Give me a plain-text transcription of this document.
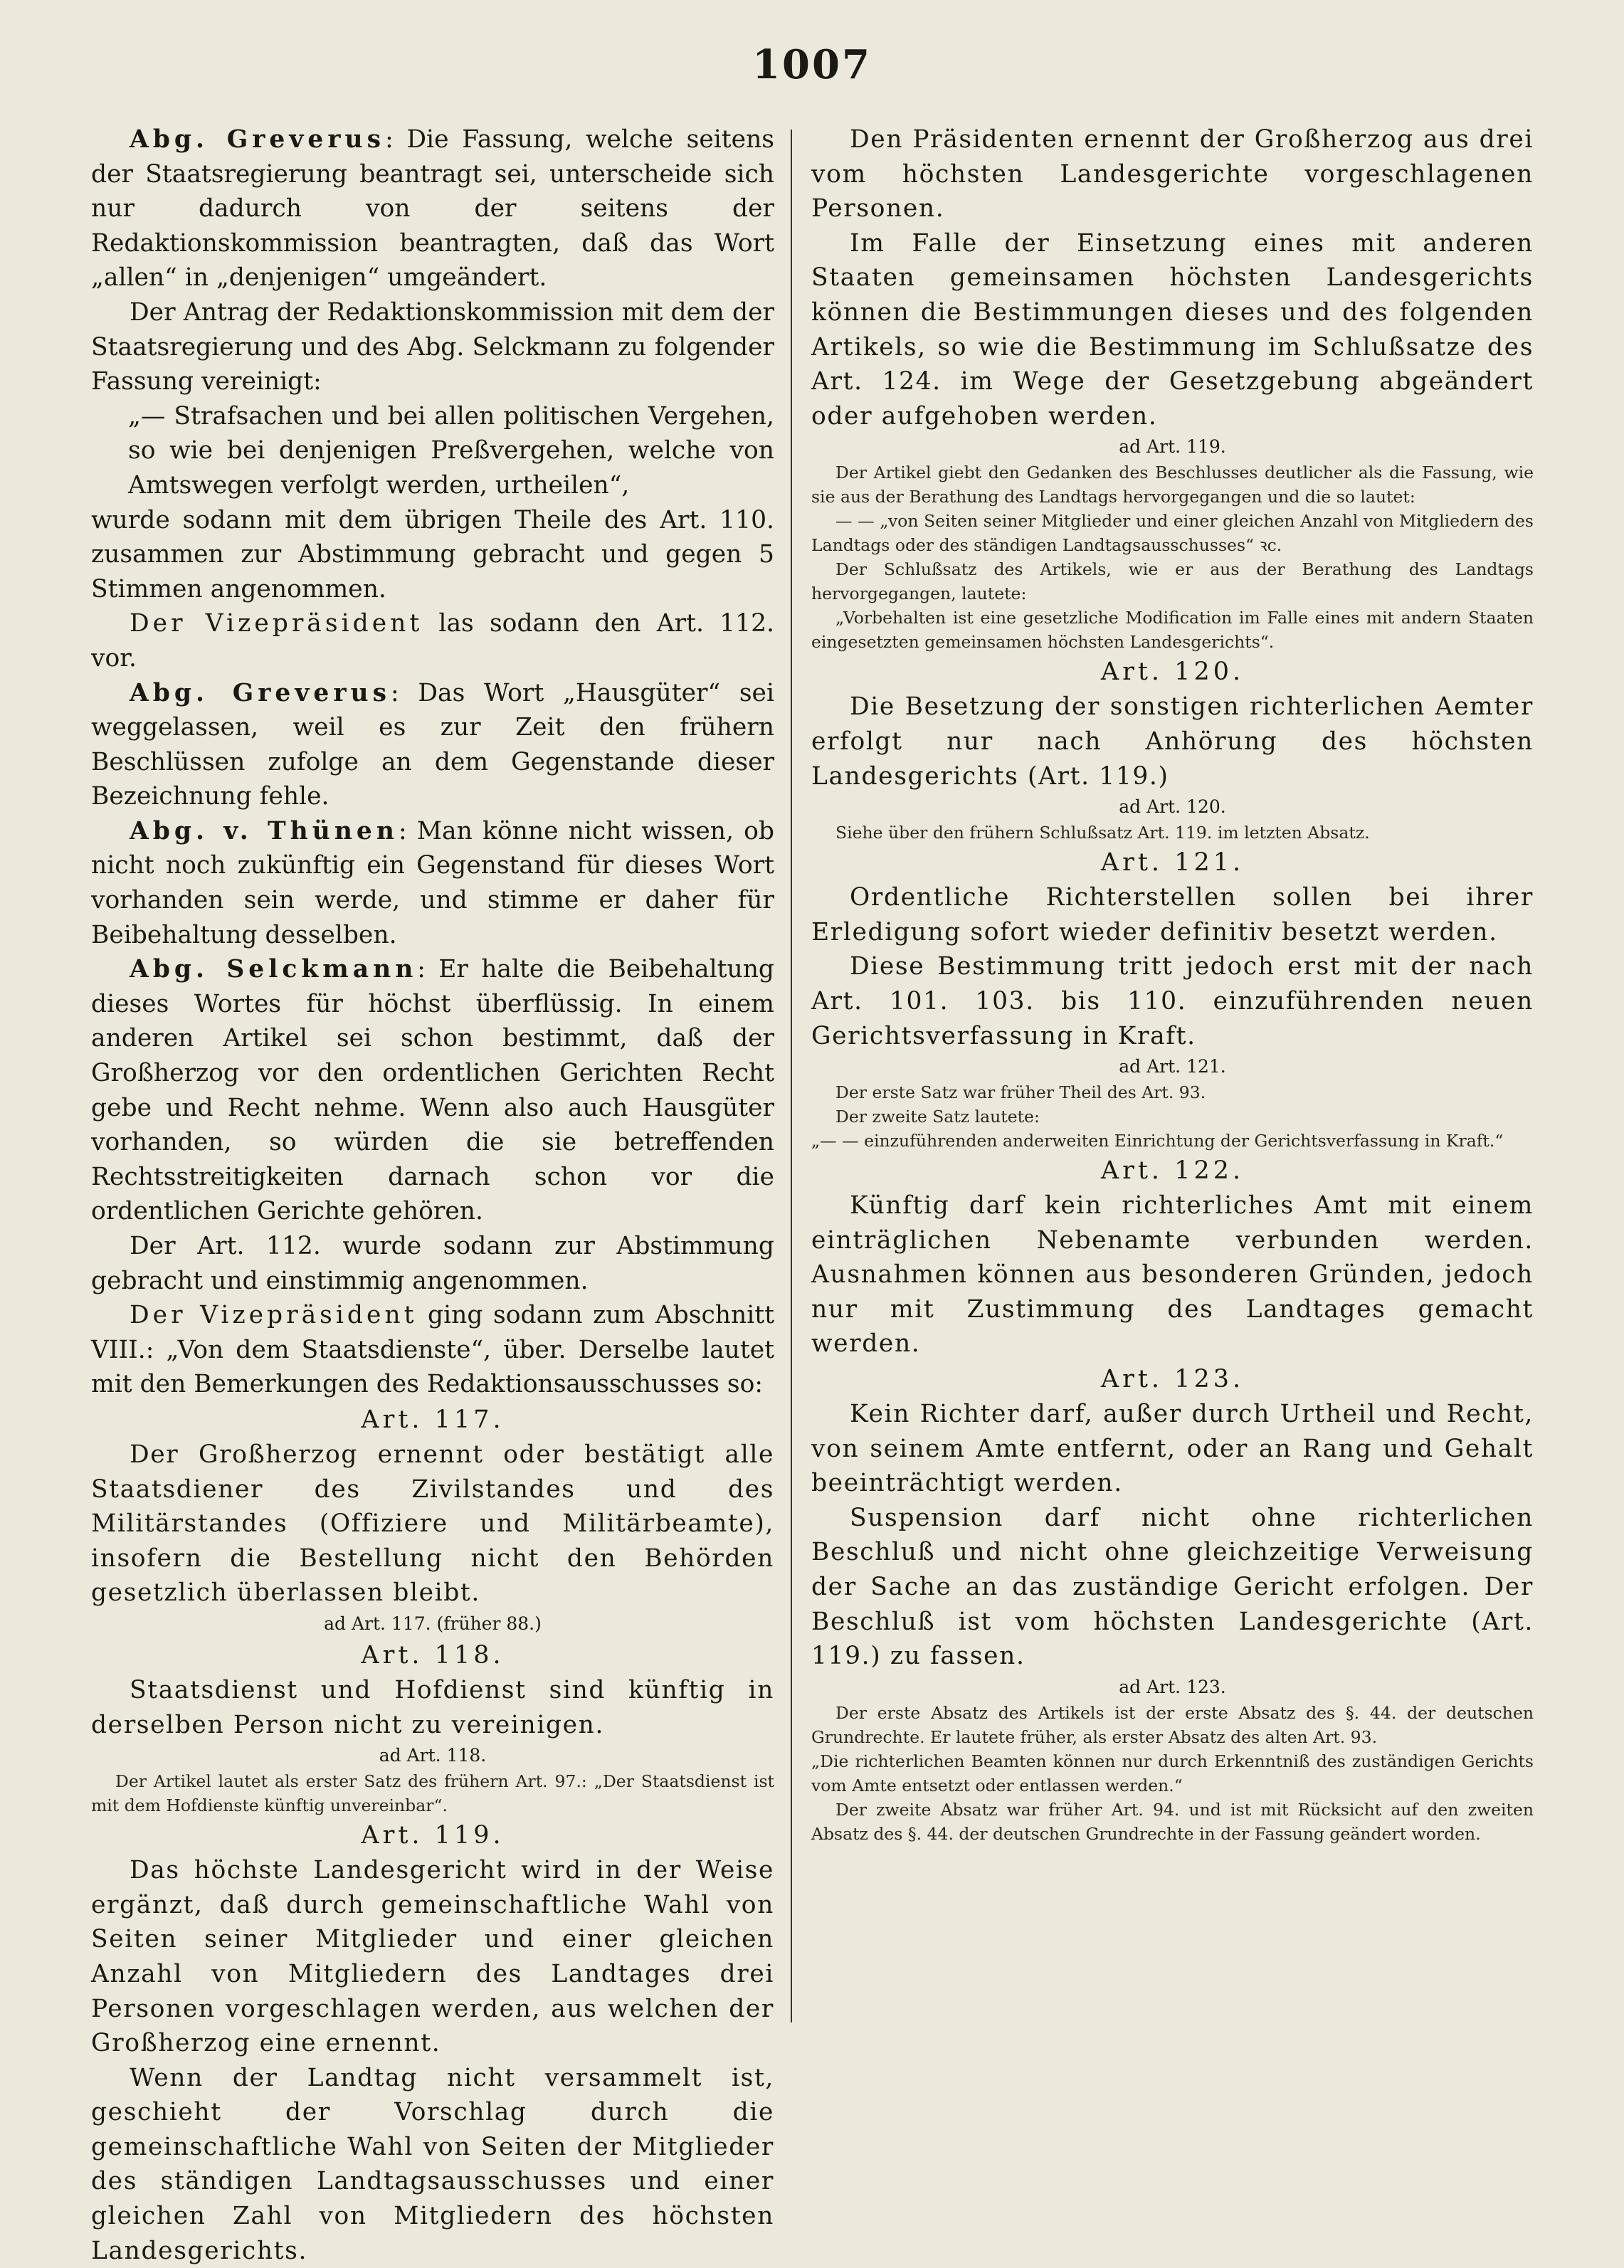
1007

Abg. Greverus: Die Fassung, welche seitens der Staatsregierung beantragt sei, unterscheide sich nur dadurch von der seitens der Redaktionskommission beantragten, daß das Wort „allen“ in „denjenigen“ umgeändert.

Der Antrag der Redaktionskommission mit dem der Staatsregierung und des Abg. Selckmann zu folgender Fassung vereinigt:

„— Strafsachen und bei allen politischen Vergehen, so wie bei denjenigen Preßvergehen, welche von Amtswegen verfolgt werden, urtheilen“,

wurde sodann mit dem übrigen Theile des Art. 110. zusammen zur Abstimmung gebracht und gegen 5 Stimmen angenommen.

Der Vizepräsident las sodann den Art. 112. vor.

Abg. Greverus: Das Wort „Hausgüter“ sei weggelassen, weil es zur Zeit den frühern Beschlüssen zufolge an dem Gegenstande dieser Bezeichnung fehle.

Abg. v. Thünen: Man könne nicht wissen, ob nicht noch zukünftig ein Gegenstand für dieses Wort vorhanden sein werde, und stimme er daher für Beibehaltung desselben.

Abg. Selckmann: Er halte die Beibehaltung dieses Wortes für höchst überflüssig. In einem anderen Artikel sei schon bestimmt, daß der Großherzog vor den ordentlichen Gerichten Recht gebe und Recht nehme. Wenn also auch Hausgüter vorhanden, so würden die sie betreffenden Rechtsstreitigkeiten darnach schon vor die ordentlichen Gerichte gehören.

Der Art. 112. wurde sodann zur Abstimmung gebracht und einstimmig angenommen.

Der Vizepräsident ging sodann zum Abschnitt VIII.: „Von dem Staatsdienste“, über. Derselbe lautet mit den Bemerkungen des Redaktionsausschusses so:

Art. 117.

Der Großherzog ernennt oder bestätigt alle Staatsdiener des Zivilstandes und des Militärstandes (Offiziere und Militärbeamte), insofern die Bestellung nicht den Behörden gesetzlich überlassen bleibt.

ad Art. 117. (früher 88.)

Art. 118.

Staatsdienst und Hofdienst sind künftig in derselben Person nicht zu vereinigen.

ad Art. 118.

Der Artikel lautet als erster Satz des frühern Art. 97.: „Der Staatsdienst ist mit dem Hofdienste künftig unvereinbar“.

Art. 119.

Das höchste Landesgericht wird in der Weise ergänzt, daß durch gemeinschaftliche Wahl von Seiten seiner Mitglieder und einer gleichen Anzahl von Mitgliedern des Landtages drei Personen vorgeschlagen werden, aus welchen der Großherzog eine ernennt.

Wenn der Landtag nicht versammelt ist, geschieht der Vorschlag durch die gemeinschaftliche Wahl von Seiten der Mitglieder des ständigen Landtagsausschusses und einer gleichen Zahl von Mitgliedern des höchsten Landesgerichts.

Den Präsidenten ernennt der Großherzog aus drei vom höchsten Landesgerichte vorgeschlagenen Personen.

Im Falle der Einsetzung eines mit anderen Staaten gemeinsamen höchsten Landesgerichts können die Bestimmungen dieses und des folgenden Artikels, so wie die Bestimmung im Schlußsatze des Art. 124. im Wege der Gesetzgebung abgeändert oder aufgehoben werden.

ad Art. 119.

Der Artikel giebt den Gedanken des Beschlusses deutlicher als die Fassung, wie sie aus der Berathung des Landtags hervorgegangen und die so lautet:

— — „von Seiten seiner Mitglieder und einer gleichen Anzahl von Mitgliedern des Landtags oder des ständigen Landtagsausschusses“ ꝛc.

Der Schlußsatz des Artikels, wie er aus der Berathung des Landtags hervorgegangen, lautete:

„Vorbehalten ist eine gesetzliche Modification im Falle eines mit andern Staaten eingesetzten gemeinsamen höchsten Landesgerichts“.

Art. 120.

Die Besetzung der sonstigen richterlichen Aemter erfolgt nur nach Anhörung des höchsten Landesgerichts (Art. 119.)

ad Art. 120.

Siehe über den frühern Schlußsatz Art. 119. im letzten Absatz.

Art. 121.

Ordentliche Richterstellen sollen bei ihrer Erledigung sofort wieder definitiv besetzt werden.

Diese Bestimmung tritt jedoch erst mit der nach Art. 101. 103. bis 110. einzuführenden neuen Gerichtsverfassung in Kraft.

ad Art. 121.

Der erste Satz war früher Theil des Art. 93.

Der zweite Satz lautete:

„— — einzuführenden anderweiten Einrichtung der Gerichtsverfassung in Kraft.“

Art. 122.

Künftig darf kein richterliches Amt mit einem einträglichen Nebenamte verbunden werden. Ausnahmen können aus besonderen Gründen, jedoch nur mit Zustimmung des Landtages gemacht werden.

Art. 123.

Kein Richter darf, außer durch Urtheil und Recht, von seinem Amte entfernt, oder an Rang und Gehalt beeinträchtigt werden.

Suspension darf nicht ohne richterlichen Beschluß und nicht ohne gleichzeitige Verweisung der Sache an das zuständige Gericht erfolgen. Der Beschluß ist vom höchsten Landesgerichte (Art. 119.) zu fassen.

ad Art. 123.

Der erste Absatz des Artikels ist der erste Absatz des §. 44. der deutschen Grundrechte. Er lautete früher, als erster Absatz des alten Art. 93.

„Die richterlichen Beamten können nur durch Erkenntniß des zuständigen Gerichts vom Amte entsetzt oder entlassen werden.“

Der zweite Absatz war früher Art. 94. und ist mit Rücksicht auf den zweiten Absatz des §. 44. der deutschen Grundrechte in der Fassung geändert worden.
